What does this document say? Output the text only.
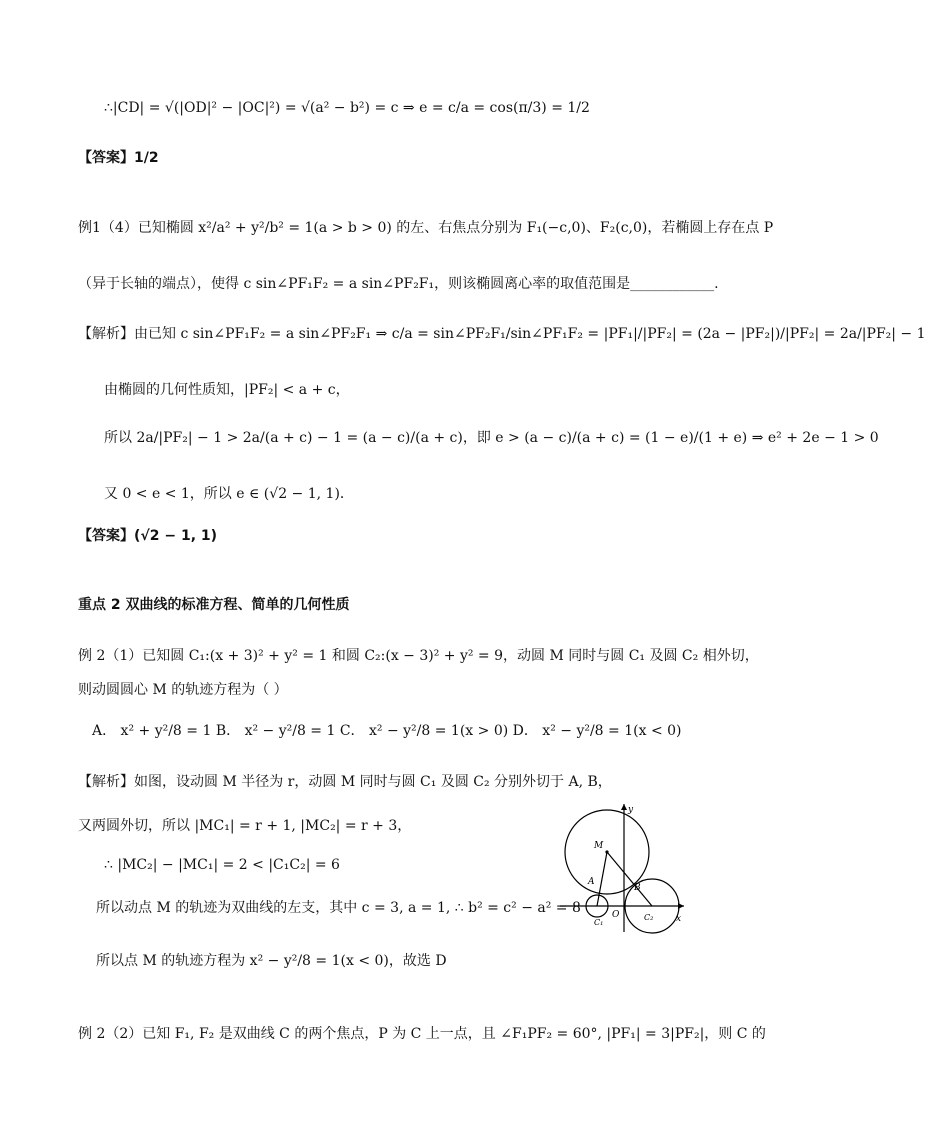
∴|CD| = √(|OD|² − |OC|²) = √(a² − b²) = c ⇒ e = c/a = cos(π/3) = 1/2
【答案】1/2
例1（4）已知椭圆 x²/a² + y²/b² = 1(a > b > 0) 的左、右焦点分别为 F₁(−c,0)、F₂(c,0)，若椭圆上存在点 P
（异于长轴的端点），使得 c sin∠PF₁F₂ = a sin∠PF₂F₁，则该椭圆离心率的取值范围是____________.
【解析】由已知 c sin∠PF₁F₂ = a sin∠PF₂F₁ ⇒ c/a = sin∠PF₂F₁/sin∠PF₁F₂ = |PF₁|/|PF₂| = (2a − |PF₂|)/|PF₂| = 2a/|PF₂| − 1
由椭圆的几何性质知，|PF₂| < a + c，
所以 2a/|PF₂| − 1 > 2a/(a + c) − 1 = (a − c)/(a + c)，即 e > (a − c)/(a + c) = (1 − e)/(1 + e) ⇒ e² + 2e − 1 > 0
又 0 < e < 1，所以 e ∈ (√2 − 1, 1)．
【答案】(√2 − 1, 1)
重点 2 双曲线的标准方程、简单的几何性质
例 2（1）已知圆 C₁:(x + 3)² + y² = 1 和圆 C₂:(x − 3)² + y² = 9，动圆 M 同时与圆 C₁ 及圆 C₂ 相外切，
则动圆圆心 M 的轨迹方程为（ ）
A． x² + y²/8 = 1 B． x² − y²/8 = 1 C． x² − y²/8 = 1(x > 0) D． x² − y²/8 = 1(x < 0)
【解析】如图，设动圆 M 半径为 r，动圆 M 同时与圆 C₁ 及圆 C₂ 分别外切于 A, B，
又两圆外切，所以 |MC₁| = r + 1, |MC₂| = r + 3，
∴ |MC₂| − |MC₁| = 2 < |C₁C₂| = 6
所以动点 M 的轨迹为双曲线的左支，其中 c = 3, a = 1, ∴ b² = c² − a² = 8
所以点 M 的轨迹方程为 x² − y²/8 = 1(x < 0)，故选 D
例 2（2）已知 F₁, F₂ 是双曲线 C 的两个焦点，P 为 C 上一点，且 ∠F₁PF₂ = 60°, |PF₁| = 3|PF₂|，则 C 的
y
M
A
B
O
C₁
C₂	x
